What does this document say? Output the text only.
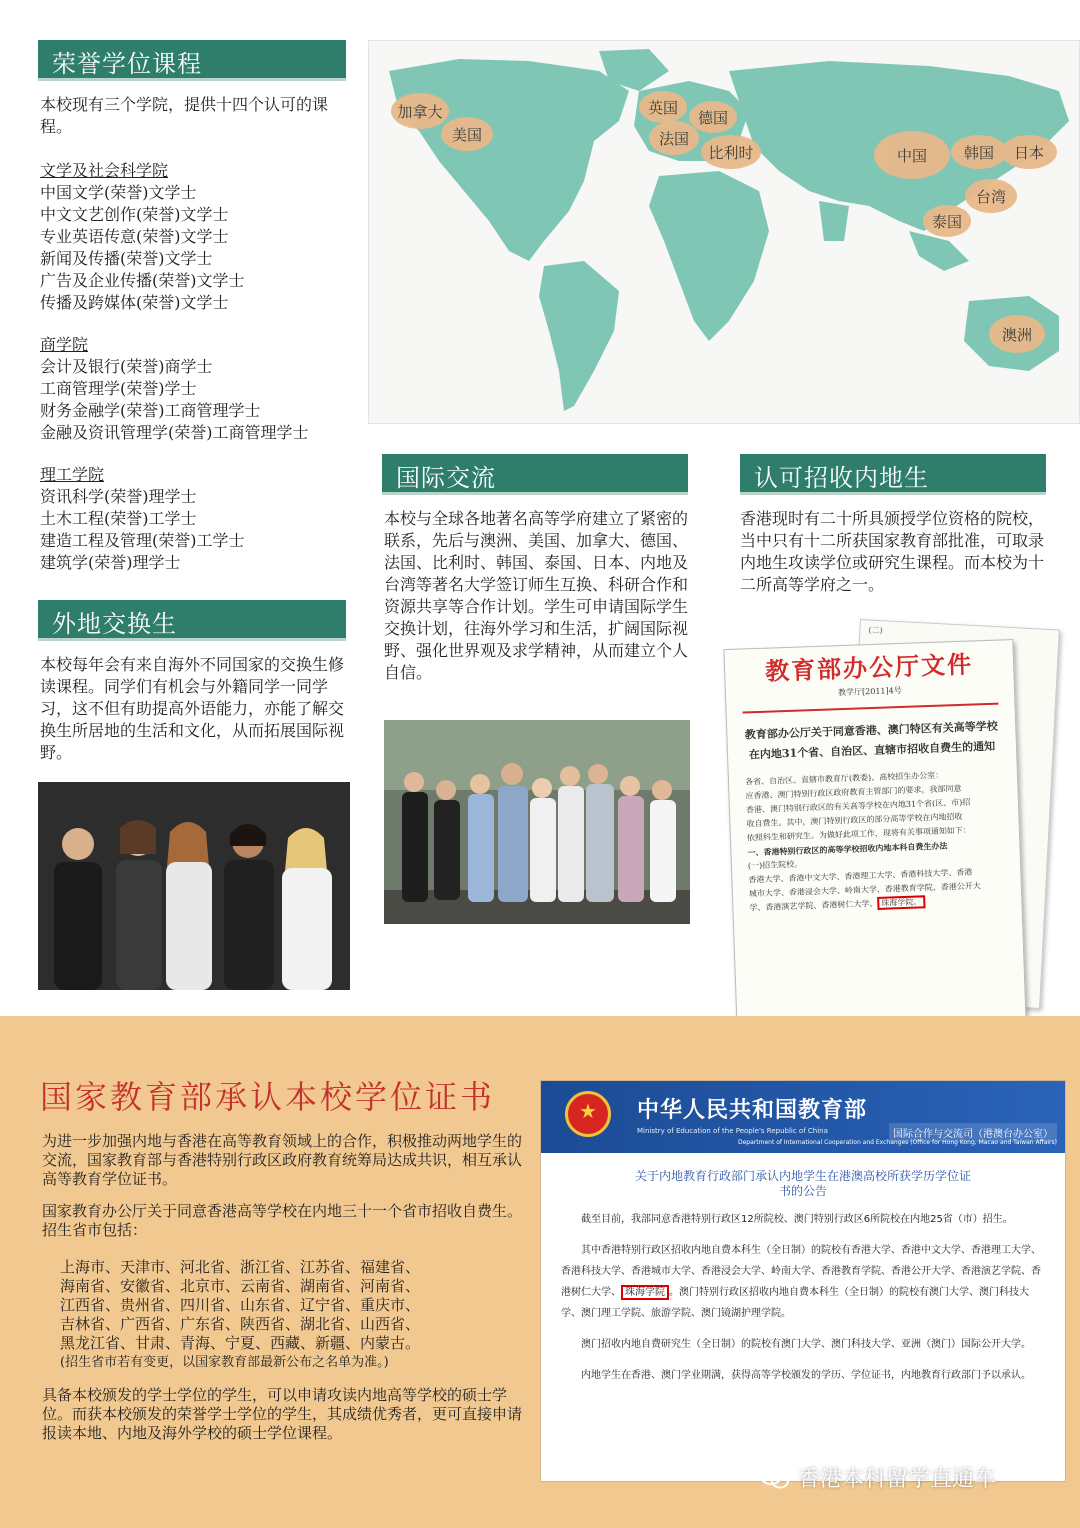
荣誉学位课程
本校现有三个学院，提供十四个认可的课程。
文学及社会科学院
中国文学(荣誉)文学士
中文文艺创作(荣誉)文学士
专业英语传意(荣誉)文学士
新闻及传播(荣誉)文学士
广告及企业传播(荣誉)文学士
传播及跨媒体(荣誉)文学士
商学院
会计及银行(荣誉)商学士
工商管理学(荣誉)学士
财务金融学(荣誉)工商管理学士
金融及资讯管理学(荣誉)工商管理学士
理工学院
资讯科学(荣誉)理学士
土木工程(荣誉)工学士
建造工程及管理(荣誉)工学士
建筑学(荣誉)理学士
外地交换生
本校每年会有来自海外不同国家的交换生修读课程。同学们有机会与外籍同学一同学习，这不但有助提高外语能力，亦能了解交换生所居地的生活和文化，从而拓展国际视野。
加拿大
美国
英国
德国
法国
比利时	中国	韩国	日本
台湾
泰国
澳洲
国际交流
本校与全球各地著名高等学府建立了紧密的联系，先后与澳洲、美国、加拿大、德国、法国、比利时、韩国、泰国、日本、内地及台湾等著名大学签订师生互换、科研合作和资源共享等合作计划。学生可申请国际学生交换计划，往海外学习和生活，扩阔国际视野、强化世界观及求学精神，从而建立个人自信。
认可招收内地生
香港现时有二十所具颁授学位资格的院校，当中只有十二所获国家教育部批准，可取录内地生攻读学位或研究生课程。而本校为十二所高等学府之一。
(二)
教育部办公厅文件
教学厅[2011]4号
教育部办公厅关于同意香港、澳门特区有关高等学校在内地31个省、自治区、直辖市招收自费生的通知
各省、自治区、直辖市教育厅(教委)、高校招生办公室：
应香港、澳门特别行政区政府教育主管部门的要求，我部同意
香港、澳门特别行政区的有关高等学校在内地31个省(区、市)招
收自费生。其中，澳门特别行政区的部分高等学校在内地招收
依照科生和研究生。为做好此项工作，现将有关事项通知如下：
一、香港特别行政区的高等学校招收内地本科自费生办法
(一)招生院校。
香港大学、香港中文大学、香港理工大学、香港科技大学、香港
城市大学、香港浸会大学、岭南大学、香港教育学院、香港公开大
学、香港演艺学院、香港树仁大学、 珠海学院。
国家教育部承认本校学位证书
为进一步加强内地与香港在高等教育领域上的合作，积极推动两地学生的交流，国家教育部与香港特别行政区政府教育统筹局达成共识，相互承认高等教育学位证书。
国家教育办公厅关于同意香港高等学校在内地三十一个省市招收自费生。招生省市包括：
上海市、天津市、河北省、浙江省、江苏省、福建省、
海南省、安徽省、北京市、云南省、湖南省、河南省、
江西省、贵州省、四川省、山东省、辽宁省、重庆市、
吉林省、广西省、广东省、陕西省、湖北省、山西省、
黑龙江省、甘肃、青海、宁夏、西藏、新疆、内蒙古。
(招生省市若有变更，以国家教育部最新公布之名单为准。)
具备本校颁发的学士学位的学生，可以申请攻读内地高等学校的硕士学位。而获本校颁发的荣誉学士学位的学生，其成绩优秀者，更可直接申请报读本地、内地及海外学校的硕士学位课程。
★
中华人民共和国教育部
Ministry of Education of the People's Republic of China	国际合作与交流司（港澳台办公室）
Department of International Cooperation and Exchanges (Office for Hong Kong, Macao and Taiwan Affairs)
关于内地教育行政部门承认内地学生在港澳高校所获学历学位证
书的公告
截至目前，我部同意香港特别行政区12所院校、澳门特别行政区6所院校在内地25省（市）招生。
其中香港特别行政区招收内地自费本科生（全日制）的院校有香港大学、香港中文大学、香港理工大学、香港科技大学、香港城市大学、香港浸会大学、岭南大学、香港教育学院、香港公开大学、香港演艺学院、香港树仁大学、 珠海学院 。澳门特别行政区招收内地自费本科生（全日制）的院校有澳门大学、澳门科技大学、澳门理工学院、旅游学院、澳门镜湖护理学院。
澳门招收内地自费研究生（全日制）的院校有澳门大学、澳门科技大学、亚洲（澳门）国际公开大学。
内地学生在香港、澳门学业期满，获得高等学校颁发的学历、学位证书，内地教育行政部门予以承认。
香港本科留学直通车
